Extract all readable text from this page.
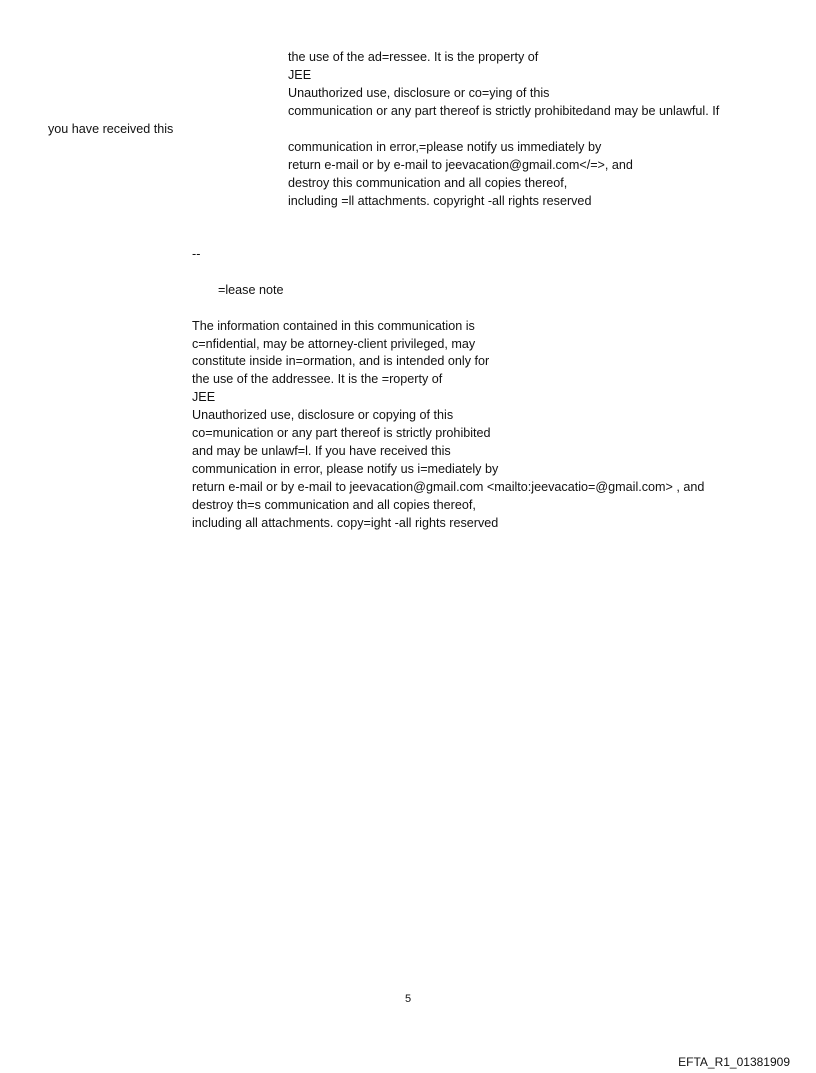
the use of the ad=ressee. It is the property of
JEE
Unauthorized use, disclosure or co=ying of this
communication or any part thereof is strictly prohibitedand may be unlawful. If
you have received this
communication in error,=please notify us immediately by
return e-mail or by e-mail to jeevacation@gmail.com</=>, and
destroy this communication and all copies thereof,
including =ll attachments. copyright -all rights reserved
--
=lease note
The information contained in this communication is
c=nfidential, may be attorney-client privileged, may
constitute inside in=ormation, and is intended only for
the use of the addressee. It is the =roperty of
JEE
Unauthorized use, disclosure or copying of this
co=munication or any part thereof is strictly prohibited
and may be unlawf=l. If you have received this
communication in error, please notify us i=mediately by
return e-mail or by e-mail to jeevacation@gmail.com <mailto:jeevacatio=@gmail.com> , and
destroy th=s communication and all copies thereof,
including all attachments. copy=ight -all rights reserved
5
EFTA_R1_01381909
